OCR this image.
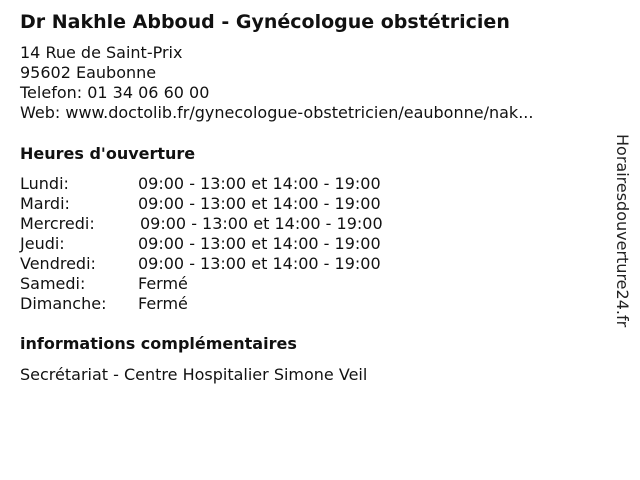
Dr Nakhle Abboud - Gynécologue obstétricien
14 Rue de Saint-Prix
95602 Eaubonne
Telefon: 01 34 06 60 00
Web: www.doctolib.fr/gynecologue-obstetricien/eaubonne/nak...
Heures d'ouverture
Lundi:	09:00 - 13:00 et 14:00 - 19:00
Mardi:	09:00 - 13:00 et 14:00 - 19:00
Mercredi:	09:00 - 13:00 et 14:00 - 19:00
Jeudi:	09:00 - 13:00 et 14:00 - 19:00
Vendredi:	09:00 - 13:00 et 14:00 - 19:00
Samedi:	Fermé
Dimanche: Fermé
informations complémentaires
Secrétariat - Centre Hospitalier Simone Veil
Horairesdouverture24.fr
